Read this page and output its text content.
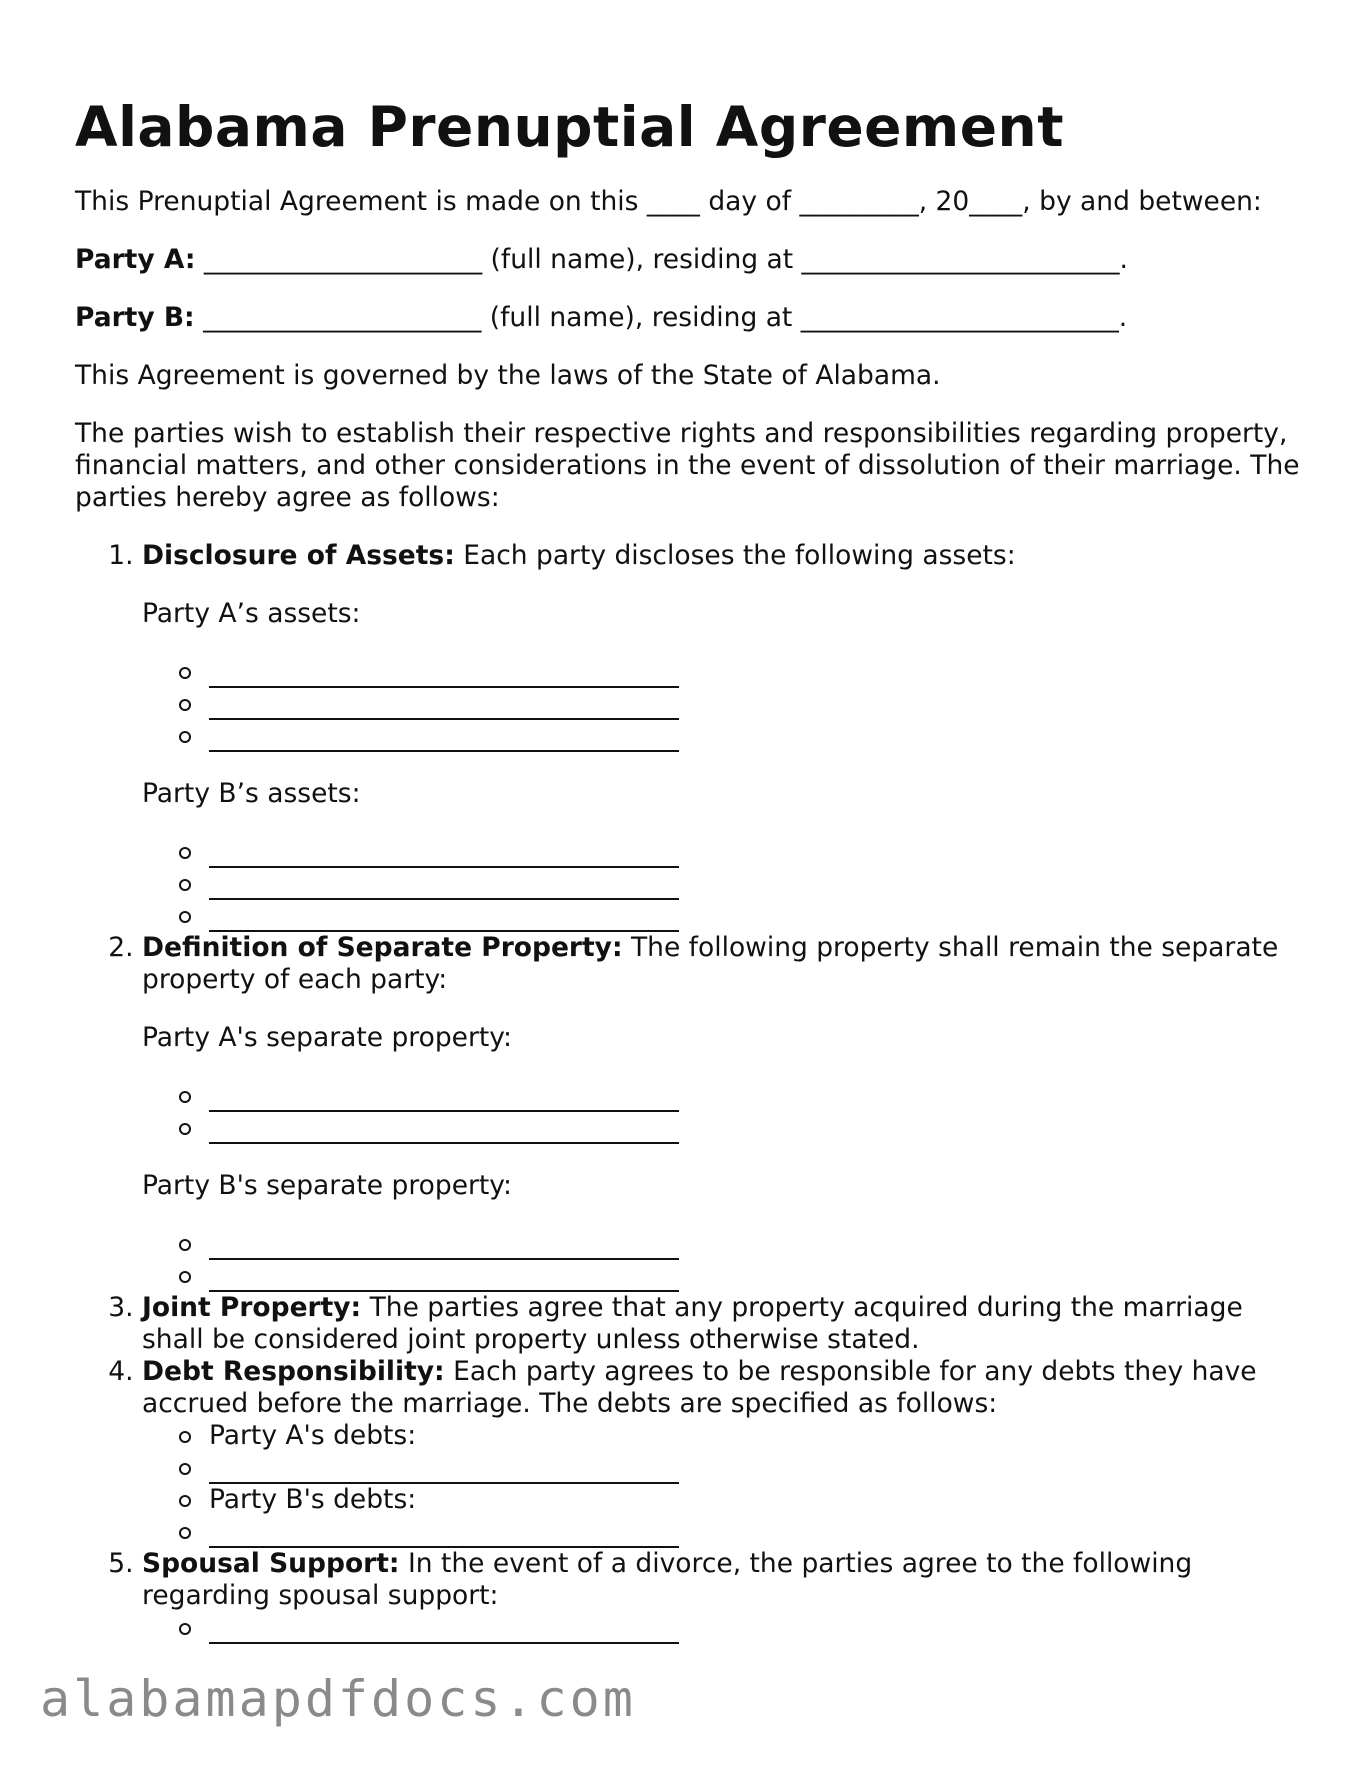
Alabama Prenuptial Agreement

This Prenuptial Agreement is made on this ____ day of _________, 20____, by and between:

Party A: _____________________ (full name), residing at ________________________.

Party B: _____________________ (full name), residing at ________________________.

This Agreement is governed by the laws of the State of Alabama.

The parties wish to establish their respective rights and responsibilities regarding property, financial matters, and other considerations in the event of dissolution of their marriage. The parties hereby agree as follows:

1. Disclosure of Assets: Each party discloses the following assets:
Party A’s assets:
Party B’s assets:
2. Definition of Separate Property: The following property shall remain the separate property of each party:
Party A's separate property:
Party B's separate property:
3. Joint Property: The parties agree that any property acquired during the marriage shall be considered joint property unless otherwise stated.
4. Debt Responsibility: Each party agrees to be responsible for any debts they have accrued before the marriage. The debts are specified as follows:
Party A's debts:
Party B's debts:
5. Spousal Support: In the event of a divorce, the parties agree to the following regarding spousal support:
alabamapdfdocs.com
